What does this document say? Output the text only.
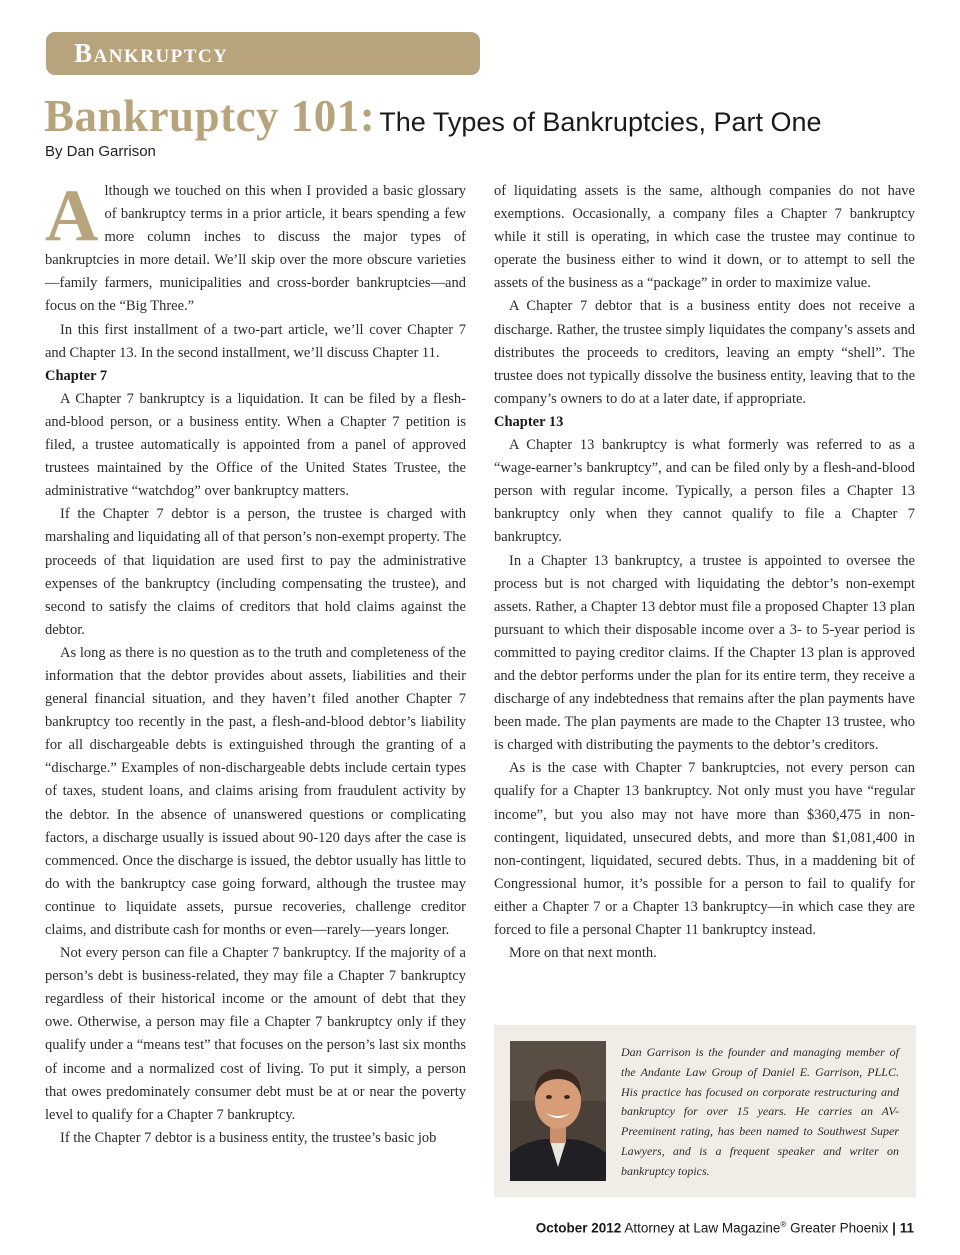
Bankruptcy
Bankruptcy 101: The Types of Bankruptcies, Part One
By Dan Garrison

Although we touched on this when I provided a basic glossary of bankruptcy terms in a prior article, it bears spending a few more column inches to discuss the major types of bankruptcies in more detail. We’ll skip over the more obscure varieties—family farmers, municipalities and cross-border bankruptcies—and focus on the “Big Three.”

In this first installment of a two-part article, we’ll cover Chapter 7 and Chapter 13. In the second installment, we’ll discuss Chapter 11.

Chapter 7

A Chapter 7 bankruptcy is a liquidation. It can be filed by a flesh-and-blood person, or a business entity. When a Chapter 7 petition is filed, a trustee automatically is appointed from a panel of approved trustees maintained by the Office of the United States Trustee, the administrative “watchdog” over bankruptcy matters.

If the Chapter 7 debtor is a person, the trustee is charged with marshaling and liquidating all of that person’s non-exempt property. The proceeds of that liquidation are used first to pay the administrative expenses of the bankruptcy (including compensating the trustee), and second to satisfy the claims of creditors that hold claims against the debtor.

As long as there is no question as to the truth and completeness of the information that the debtor provides about assets, liabilities and their general financial situation, and they haven’t filed another Chapter 7 bankruptcy too recently in the past, a flesh-and-blood debtor’s liability for all dischargeable debts is extinguished through the granting of a “discharge.” Examples of non-dischargeable debts include certain types of taxes, student loans, and claims arising from fraudulent activity by the debtor. In the absence of unanswered questions or complicating factors, a discharge usually is issued about 90-120 days after the case is commenced. Once the discharge is issued, the debtor usually has little to do with the bankruptcy case going forward, although the trustee may continue to liquidate assets, pursue recoveries, challenge creditor claims, and distribute cash for months or even—rarely—years longer.

Not every person can file a Chapter 7 bankruptcy. If the majority of a person’s debt is business-related, they may file a Chapter 7 bankruptcy regardless of their historical income or the amount of debt that they owe. Otherwise, a person may file a Chapter 7 bankruptcy only if they qualify under a “means test” that focuses on the person’s last six months of income and a normalized cost of living. To put it simply, a person that owes predominately consumer debt must be at or near the poverty level to qualify for a Chapter 7 bankruptcy.

If the Chapter 7 debtor is a business entity, the trustee’s basic job

of liquidating assets is the same, although companies do not have exemptions. Occasionally, a company files a Chapter 7 bankruptcy while it still is operating, in which case the trustee may continue to operate the business either to wind it down, or to attempt to sell the assets of the business as a “package” in order to maximize value.

A Chapter 7 debtor that is a business entity does not receive a discharge. Rather, the trustee simply liquidates the company’s assets and distributes the proceeds to creditors, leaving an empty “shell”. The trustee does not typically dissolve the business entity, leaving that to the company’s owners to do at a later date, if appropriate.

Chapter 13

A Chapter 13 bankruptcy is what formerly was referred to as a “wage-earner’s bankruptcy”, and can be filed only by a flesh-and-blood person with regular income. Typically, a person files a Chapter 13 bankruptcy only when they cannot qualify to file a Chapter 7 bankruptcy.

In a Chapter 13 bankruptcy, a trustee is appointed to oversee the process but is not charged with liquidating the debtor’s non-exempt assets. Rather, a Chapter 13 debtor must file a proposed Chapter 13 plan pursuant to which their disposable income over a 3- to 5-year period is committed to paying creditor claims. If the Chapter 13 plan is approved and the debtor performs under the plan for its entire term, they receive a discharge of any indebtedness that remains after the plan payments have been made. The plan payments are made to the Chapter 13 trustee, who is charged with distributing the payments to the debtor’s creditors.

As is the case with Chapter 7 bankruptcies, not every person can qualify for a Chapter 13 bankruptcy. Not only must you have “regular income”, but you also may not have more than $360,475 in non-contingent, liquidated, unsecured debts, and more than $1,081,400 in non-contingent, liquidated, secured debts. Thus, in a maddening bit of Congressional humor, it’s possible for a person to fail to qualify for either a Chapter 7 or a Chapter 13 bankruptcy—in which case they are forced to file a personal Chapter 11 bankruptcy instead.

More on that next month.

Dan Garrison is the founder and managing member of the Andante Law Group of Daniel E. Garrison, PLLC. His practice has focused on corporate restructuring and bankruptcy for over 15 years. He carries an AV-Preeminent rating, has been named to Southwest Super Lawyers, and is a frequent speaker and writer on bankruptcy topics.
October 2012 Attorney at Law Magazine® Greater Phoenix | 11
